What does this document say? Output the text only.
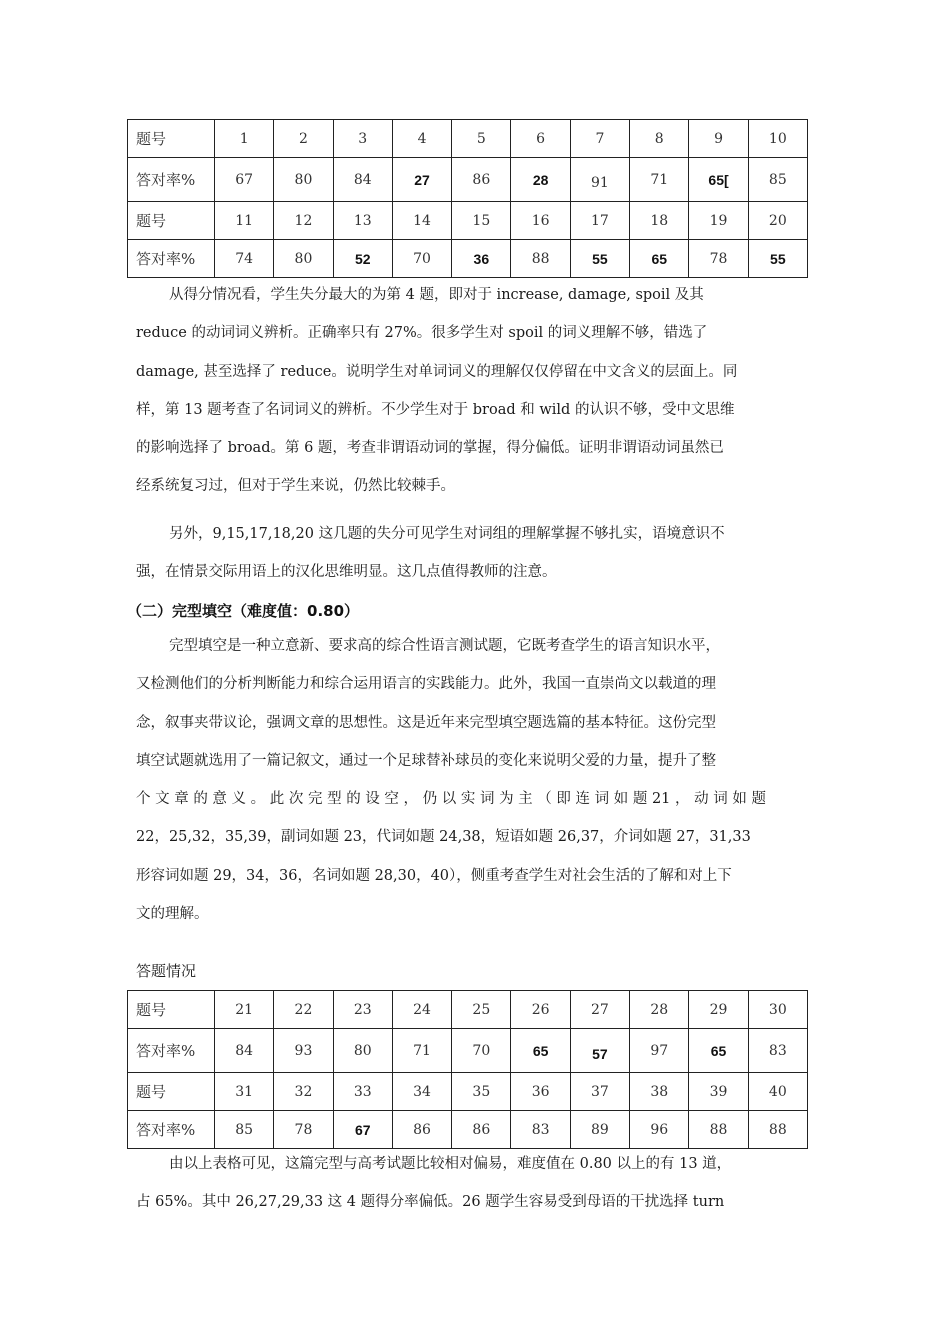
题号	1	2	3	4	5	6	7	8	9	10
答对率%	67	80	84	27	86	28	91	71	65[	85
题号	11	12	13	14	15	16	17	18	19	20
答对率%	74	80	52	70	36	88	55	65	78	55
从得分情况看，学生失分最大的为第 4 题，即对于 increase, damage, spoil 及其
reduce 的动词词义辨析。正确率只有 27%。很多学生对 spoil 的词义理解不够，错选了
damage, 甚至选择了 reduce。说明学生对单词词义的理解仅仅停留在中文含义的层面上。同
样，第 13 题考查了名词词义的辨析。不少学生对于 broad 和 wild 的认识不够，受中文思维
的影响选择了 broad。第 6 题，考查非谓语动词的掌握，得分偏低。证明非谓语动词虽然已
经系统复习过，但对于学生来说，仍然比较棘手。
另外，9,15,17,18,20 这几题的失分可见学生对词组的理解掌握不够扎实，语境意识不
强，在情景交际用语上的汉化思维明显。这几点值得教师的注意。

（二）完型填空（难度值：0.80）

完型填空是一种立意新、要求高的综合性语言测试题，它既考查学生的语言知识水平，
又检测他们的分析判断能力和综合运用语言的实践能力。此外，我国一直崇尚文以载道的理
念，叙事夹带议论，强调文章的思想性。这是近年来完型填空题选篇的基本特征。这份完型
填空试题就选用了一篇记叙文，通过一个足球替补球员的变化来说明父爱的力量，提升了整
个 文 章 的 意 义 。 此 次 完 型 的 设 空 ， 仍 以 实 词 为 主 （ 即 连 词 如 题 21 ， 动 词 如 题
22，25,32，35,39，副词如题 23，代词如题 24,38，短语如题 26,37，介词如题 27，31,33
形容词如题 29，34，36，名词如题 28,30，40），侧重考查学生对社会生活的了解和对上下
文的理解。

答题情况

题号	21	22	23	24	25	26	27	28	29	30
答对率%	84	93	80	71	70	65	57	97	65	83
题号	31	32	33	34	35	36	37	38	39	40
答对率%	85	78	67	86	86	83	89	96	88	88
由以上表格可见，这篇完型与高考试题比较相对偏易，难度值在 0.80 以上的有 13 道，
占 65%。其中 26,27,29,33 这 4 题得分率偏低。26 题学生容易受到母语的干扰选择 turn
